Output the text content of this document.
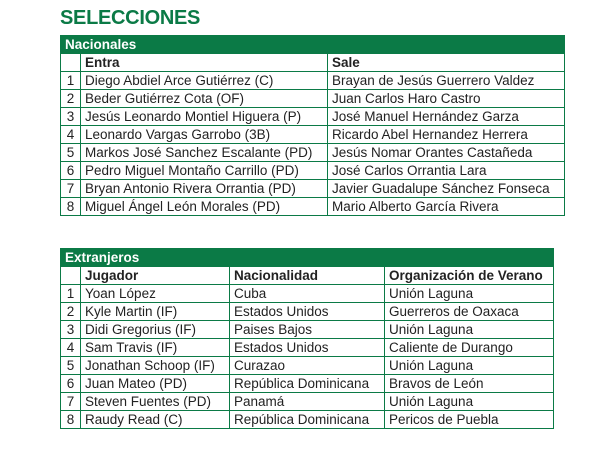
SELECCIONES
Nacionales		
	Entra	Sale
1	Diego Abdiel Arce Gutiérrez (C)	Brayan de Jesús Guerrero Valdez
2	Beder Gutiérrez Cota (OF)	Juan Carlos Haro Castro
3	Jesús Leonardo Montiel Higuera (P)	José Manuel Hernández Garza
4	Leonardo Vargas Garrobo (3B)	Ricardo Abel Hernandez Herrera
5	Markos José Sanchez Escalante (PD)	Jesús Nomar Orantes Castañeda
6	Pedro Miguel Montaño Carrillo (PD)	José Carlos Orrantia Lara
7	Bryan Antonio Rivera Orrantia (PD)	Javier Guadalupe Sánchez Fonseca
8	Miguel Ángel León Morales (PD)	Mario Alberto García Rivera
Extranjeros			
	Jugador	Nacionalidad	Organización de Verano
1	Yoan López	Cuba	Unión Laguna
2	Kyle Martin (IF)	Estados Unidos	Guerreros de Oaxaca
3	Didi Gregorius (IF)	Paises Bajos	Unión Laguna
4	Sam Travis (IF)	Estados Unidos	Caliente de Durango
5	Jonathan Schoop (IF)	Curazao	Unión Laguna
6	Juan Mateo (PD)	República Dominicana	Bravos de León
7	Steven Fuentes (PD)	Panamá	Unión Laguna
8	Raudy Read (C)	República Dominicana	Pericos de Puebla
